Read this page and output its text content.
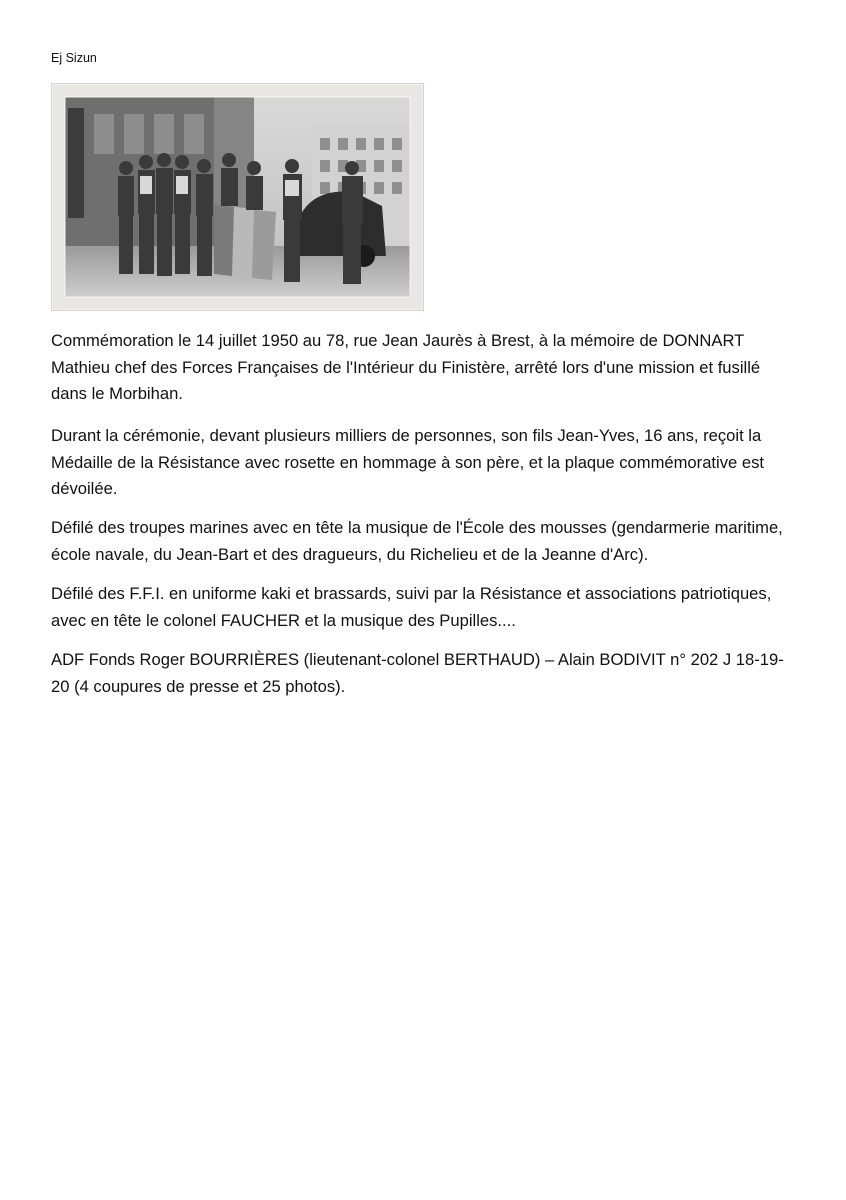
Ej Sizun

Commémoration le 14 juillet 1950 au 78, rue Jean Jaurès à Brest, à la mémoire de DONNART Mathieu chef des Forces Françaises de l'Intérieur du Finistère, arrêté lors d'une mission et fusillé dans le Morbihan.

Durant la cérémonie, devant plusieurs milliers de personnes, son fils Jean-Yves, 16 ans, reçoit la Médaille de la Résistance avec rosette en hommage à son père, et la plaque commémorative est dévoilée.

Défilé des troupes marines avec en tête la musique de l'École des mousses (gendarmerie maritime, école navale, du Jean-Bart et des dragueurs, du Richelieu et de la Jeanne d'Arc).

Défilé des F.F.I. en uniforme kaki et brassards, suivi par la Résistance et associations patriotiques, avec en tête le colonel FAUCHER et la musique des Pupilles....

ADF Fonds Roger BOURRIÈRES (lieutenant-colonel BERTHAUD) – Alain BODIVIT n° 202 J 18-19-20 (4 coupures de presse et 25 photos).
